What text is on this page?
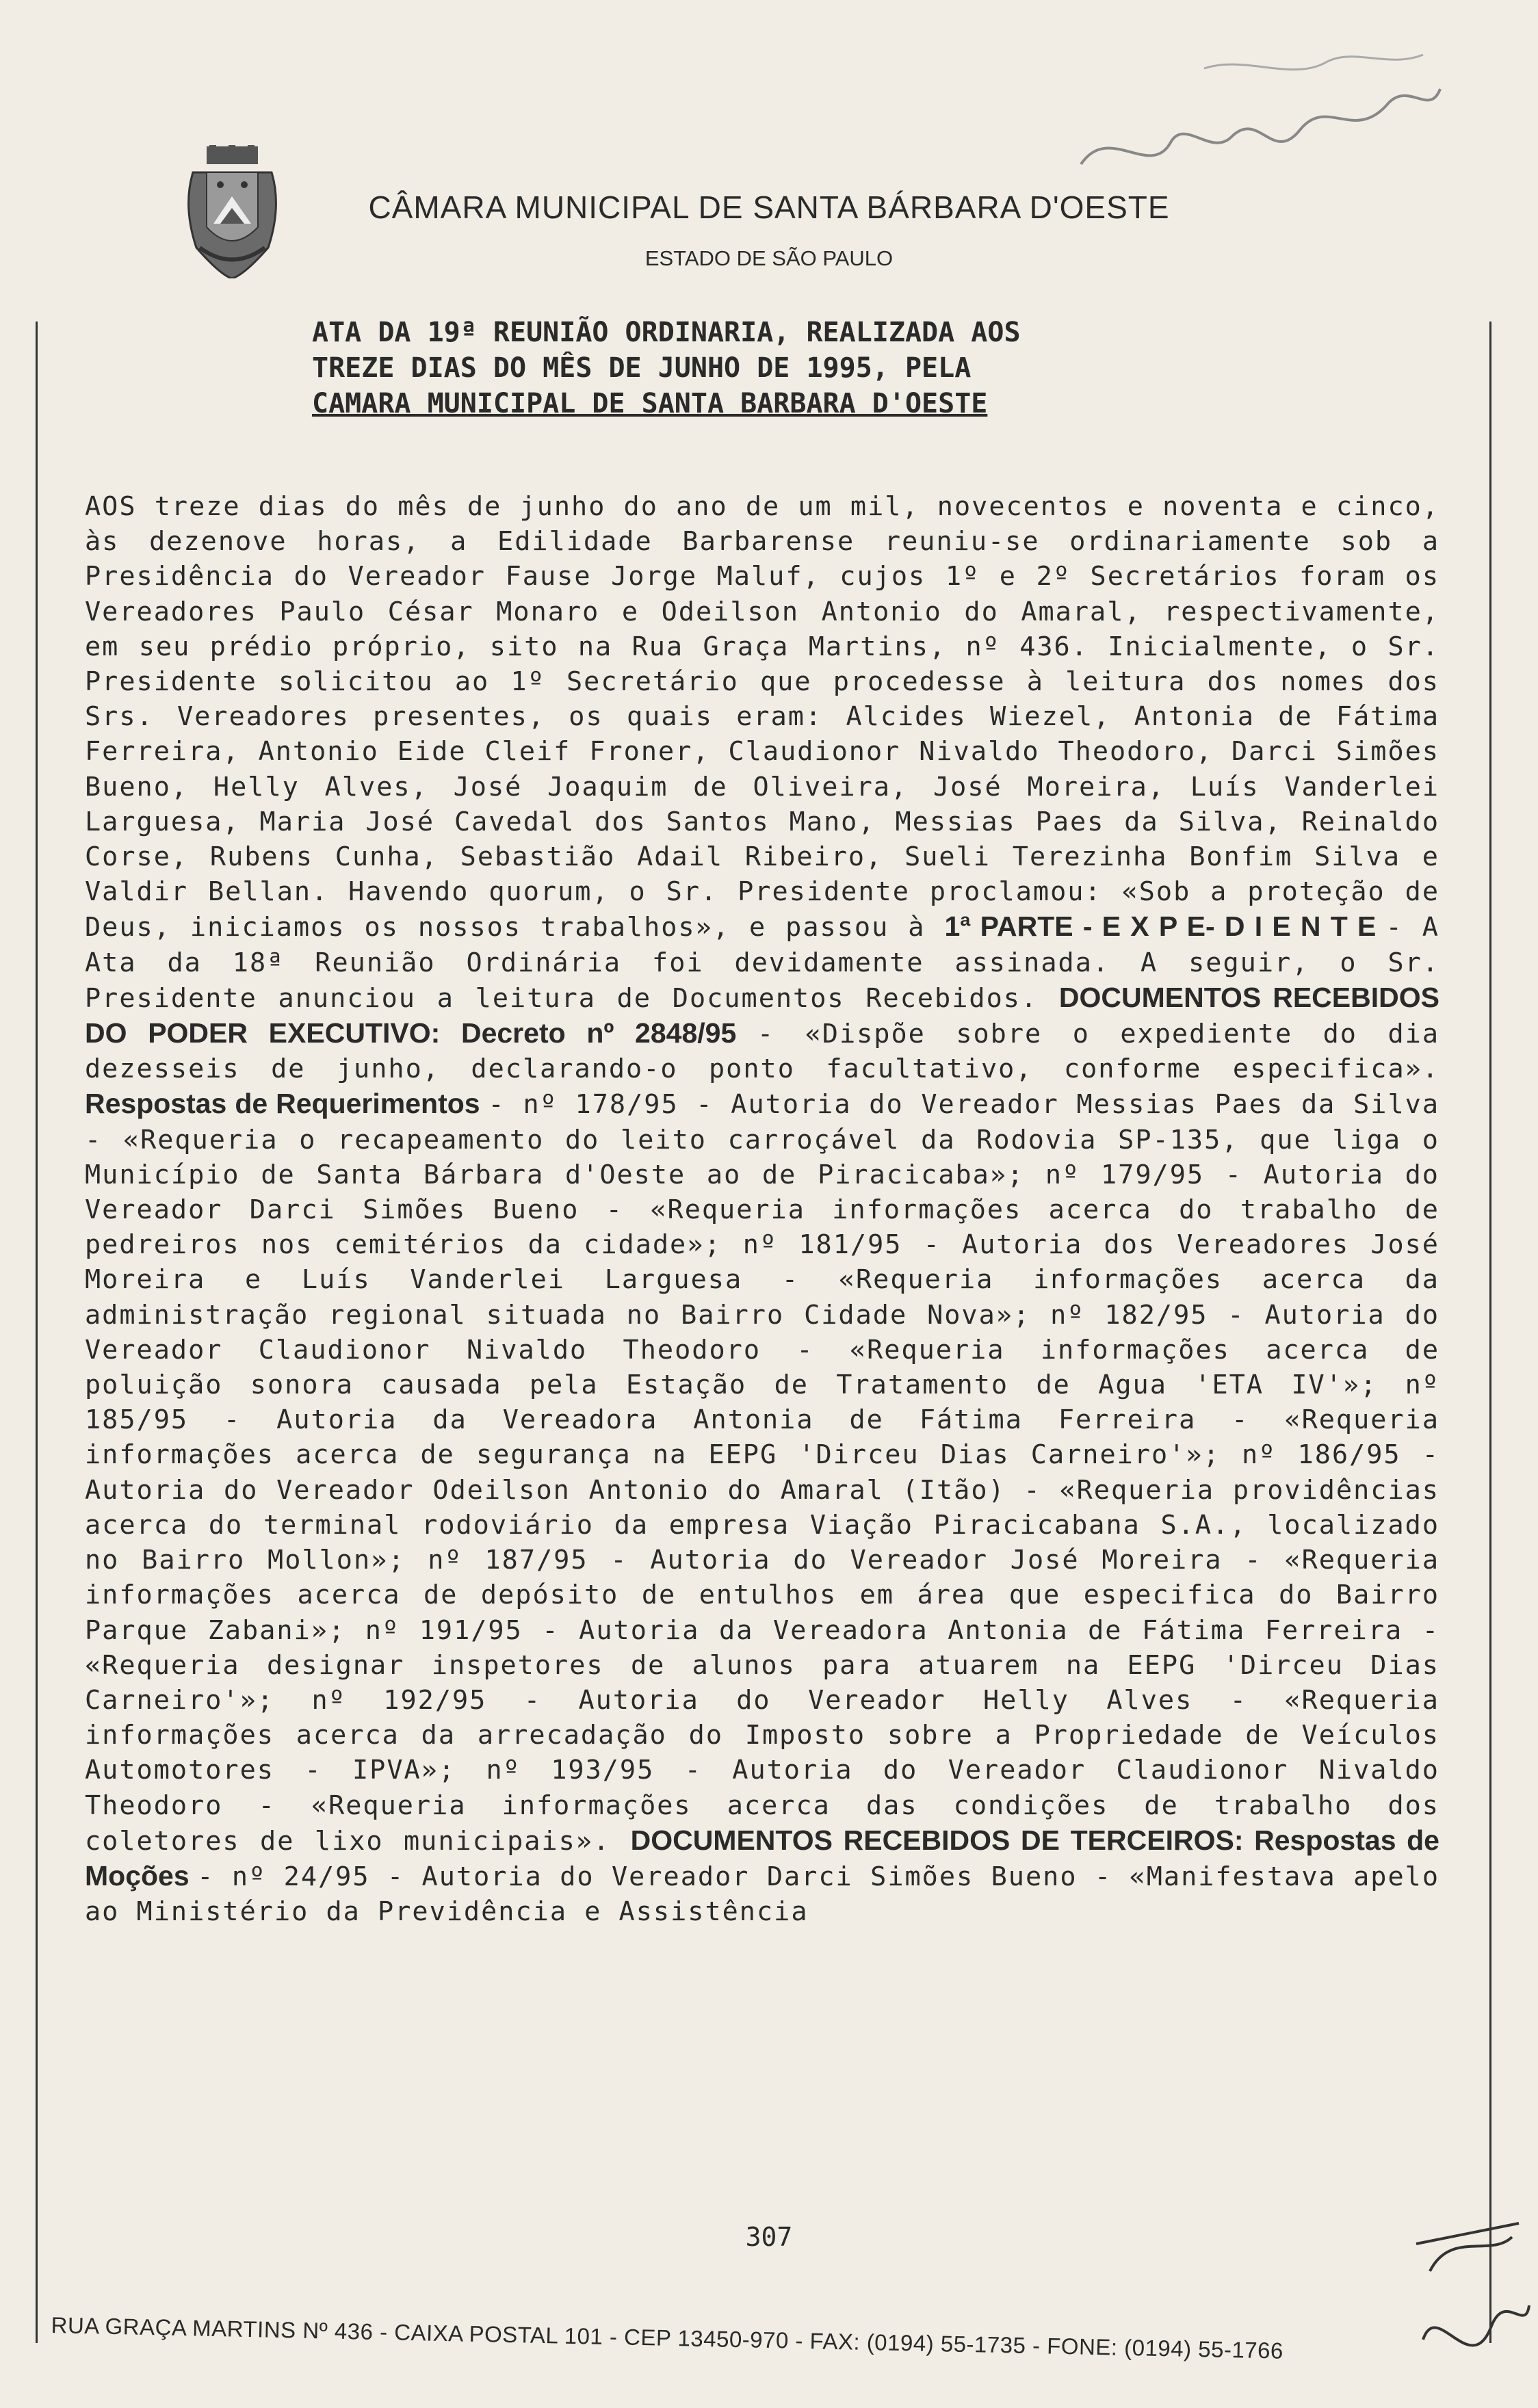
CÂMARA MUNICIPAL DE SANTA BÁRBARA D'OESTE
ESTADO DE SÃO PAULO
ATA DA 19ª REUNIÃO ORDINARIA, REALIZADA AOS
TREZE DIAS DO MÊS DE JUNHO DE 1995, PELA
CAMARA MUNICIPAL DE SANTA BARBARA D'OESTE
AOS treze dias do mês de junho do ano de um mil, novecentos e noventa e cinco, às dezenove horas, a Edilidade Barbarense reuniu-se ordinariamente sob a Presidência do Vereador Fause Jorge Maluf, cujos 1º e 2º Secretários foram os Vereadores Paulo César Monaro e Odeilson Antonio do Amaral, respectivamente, em seu prédio próprio, sito na Rua Graça Martins, nº 436. Inicialmente, o Sr. Presidente solicitou ao 1º Secretário que procedesse à leitura dos nomes dos Srs. Vereadores presentes, os quais eram: Alcides Wiezel, Antonia de Fátima Ferreira, Antonio Eide Cleif Froner, Claudionor Nivaldo Theodoro, Darci Simões Bueno, Helly Alves, José Joaquim de Oliveira, José Moreira, Luís Vanderlei Larguesa, Maria José Cavedal dos Santos Mano, Messias Paes da Silva, Reinaldo Corse, Rubens Cunha, Sebastião Adail Ribeiro, Sueli Terezinha Bonfim Silva e Valdir Bellan. Havendo quorum, o Sr. Presidente proclamou: «Sob a proteção de Deus, iniciamos os nossos trabalhos», e passou à 1ª PARTE - E X P E- D I E N T E - A Ata da 18ª Reunião Ordinária foi devidamente assinada. A seguir, o Sr. Presidente anunciou a leitura de Documentos Recebidos. DOCUMENTOS RECEBIDOS DO PODER EXECUTIVO: Decreto nº 2848/95 - «Dispõe sobre o expediente do dia dezesseis de junho, declarando-o ponto facultativo, conforme especifica». Respostas de Requerimentos - nº 178/95 - Autoria do Vereador Messias Paes da Silva - «Requeria o recapeamento do leito carroçável da Rodovia SP-135, que liga o Município de Santa Bárbara d'Oeste ao de Piracicaba»; nº 179/95 - Autoria do Vereador Darci Simões Bueno - «Requeria informações acerca do trabalho de pedreiros nos cemitérios da cidade»; nº 181/95 - Autoria dos Vereadores José Moreira e Luís Vanderlei Larguesa - «Requeria informações acerca da administração regional situada no Bairro Cidade Nova»; nº 182/95 - Autoria do Vereador Claudionor Nivaldo Theodoro - «Requeria informações acerca de poluição sonora causada pela Estação de Tratamento de Agua 'ETA IV'»; nº 185/95 - Autoria da Vereadora Antonia de Fátima Ferreira - «Requeria informações acerca de segurança na EEPG 'Dirceu Dias Carneiro'»; nº 186/95 - Autoria do Vereador Odeilson Antonio do Amaral (Itão) - «Requeria providências acerca do terminal rodoviário da empresa Viação Piracicabana S.A., localizado no Bairro Mollon»; nº 187/95 - Autoria do Vereador José Moreira - «Requeria informações acerca de depósito de entulhos em área que especifica do Bairro Parque Zabani»; nº 191/95 - Autoria da Vereadora Antonia de Fátima Ferreira - «Requeria designar inspetores de alunos para atuarem na EEPG 'Dirceu Dias Carneiro'»; nº 192/95 - Autoria do Vereador Helly Alves - «Requeria informações acerca da arrecadação do Imposto sobre a Propriedade de Veículos Automotores - IPVA»; nº 193/95 - Autoria do Vereador Claudionor Nivaldo Theodoro - «Requeria informações acerca das condições de trabalho dos coletores de lixo municipais». DOCUMENTOS RECEBIDOS DE TERCEIROS: Respostas de Moções - nº 24/95 - Autoria do Vereador Darci Simões Bueno - «Manifestava apelo ao Ministério da Previdência e Assistência
307
RUA GRAÇA MARTINS Nº 436 - CAIXA POSTAL 101 - CEP 13450-970 - FAX: (0194) 55-1735 - FONE: (0194) 55-1766
